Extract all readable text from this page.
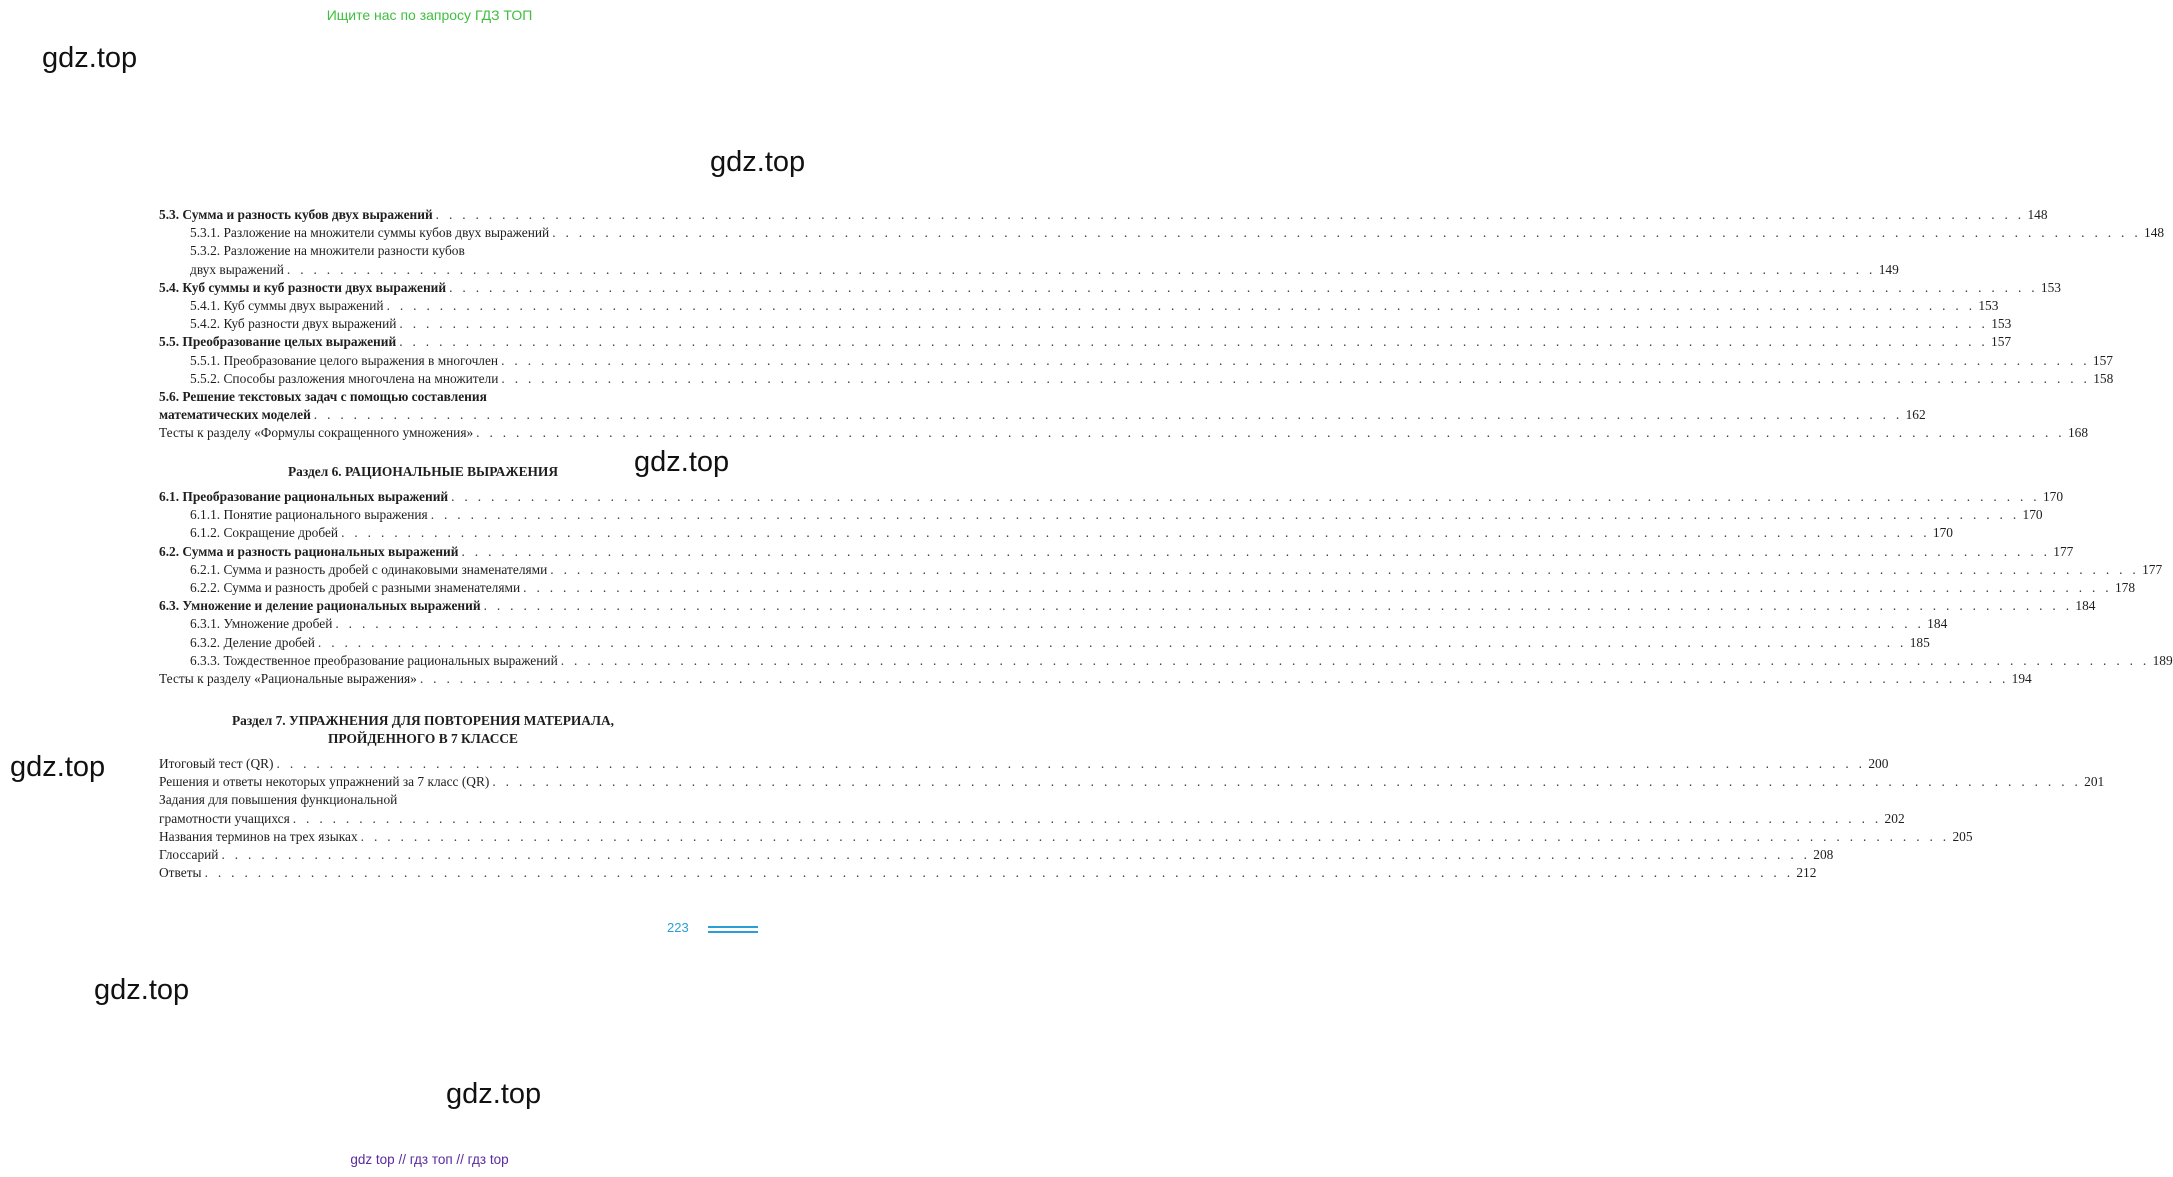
Ищите нас по запросу ГДЗ ТОП
gdz.top
gdz.top
gdz.top
gdz.top
gdz.top
gdz.top
5.3. Сумма и разность кубов двух выражений . . . . . . . . . . . . . . . . . . . . . . . . . . . . . . . . . . . . . . . . . . . . . . . . . . . . . . . . . . . . . . . . . . . . . . . . . . . . . . . . . . . . . . . . . . . . . . . . . . . . . . . . . . . . . . . . . . . . . . . . 148
5.3.1. Разложение на множители суммы кубов двух выражений . . . . . . . . . . . . . . . . . . . . . . . . . . . . . . . . . . . . . . . . . . . . . . . . . . . . . . . . . . . . . . . . . . . . . . . . . . . . . . . . . . . . . . . . . . . . . . . . . . . . . . . . . . . . . . . . . . . . . . . . 148
5.3.2. Разложение на множители разности кубов
двух выражений . . . . . . . . . . . . . . . . . . . . . . . . . . . . . . . . . . . . . . . . . . . . . . . . . . . . . . . . . . . . . . . . . . . . . . . . . . . . . . . . . . . . . . . . . . . . . . . . . . . . . . . . . . . . . . . . . . . . . . . . 149
5.4. Куб суммы и куб разности двух выражений . . . . . . . . . . . . . . . . . . . . . . . . . . . . . . . . . . . . . . . . . . . . . . . . . . . . . . . . . . . . . . . . . . . . . . . . . . . . . . . . . . . . . . . . . . . . . . . . . . . . . . . . . . . . . . . . . . . . . . . . 153
5.4.1. Куб суммы двух выражений . . . . . . . . . . . . . . . . . . . . . . . . . . . . . . . . . . . . . . . . . . . . . . . . . . . . . . . . . . . . . . . . . . . . . . . . . . . . . . . . . . . . . . . . . . . . . . . . . . . . . . . . . . . . . . . . . . . . . . . . 153
5.4.2. Куб разности двух выражений . . . . . . . . . . . . . . . . . . . . . . . . . . . . . . . . . . . . . . . . . . . . . . . . . . . . . . . . . . . . . . . . . . . . . . . . . . . . . . . . . . . . . . . . . . . . . . . . . . . . . . . . . . . . . . . . . . . . . . . . 153
5.5. Преобразование целых выражений . . . . . . . . . . . . . . . . . . . . . . . . . . . . . . . . . . . . . . . . . . . . . . . . . . . . . . . . . . . . . . . . . . . . . . . . . . . . . . . . . . . . . . . . . . . . . . . . . . . . . . . . . . . . . . . . . . . . . . . . 157
5.5.1. Преобразование целого выражения в многочлен . . . . . . . . . . . . . . . . . . . . . . . . . . . . . . . . . . . . . . . . . . . . . . . . . . . . . . . . . . . . . . . . . . . . . . . . . . . . . . . . . . . . . . . . . . . . . . . . . . . . . . . . . . . . . . . . . . . . . . . . 157
5.5.2. Способы разложения многочлена на множители . . . . . . . . . . . . . . . . . . . . . . . . . . . . . . . . . . . . . . . . . . . . . . . . . . . . . . . . . . . . . . . . . . . . . . . . . . . . . . . . . . . . . . . . . . . . . . . . . . . . . . . . . . . . . . . . . . . . . . . . 158
5.6. Решение текстовых задач с помощью составления
математических моделей . . . . . . . . . . . . . . . . . . . . . . . . . . . . . . . . . . . . . . . . . . . . . . . . . . . . . . . . . . . . . . . . . . . . . . . . . . . . . . . . . . . . . . . . . . . . . . . . . . . . . . . . . . . . . . . . . . . . . . . . 162
Тесты к разделу «Формулы сокращенного умножения» . . . . . . . . . . . . . . . . . . . . . . . . . . . . . . . . . . . . . . . . . . . . . . . . . . . . . . . . . . . . . . . . . . . . . . . . . . . . . . . . . . . . . . . . . . . . . . . . . . . . . . . . . . . . . . . . . . . . . . . . 168
Раздел 6. РАЦИОНАЛЬНЫЕ ВЫРАЖЕНИЯ
6.1. Преобразование рациональных выражений . . . . . . . . . . . . . . . . . . . . . . . . . . . . . . . . . . . . . . . . . . . . . . . . . . . . . . . . . . . . . . . . . . . . . . . . . . . . . . . . . . . . . . . . . . . . . . . . . . . . . . . . . . . . . . . . . . . . . . . . 170
6.1.1. Понятие рационального выражения . . . . . . . . . . . . . . . . . . . . . . . . . . . . . . . . . . . . . . . . . . . . . . . . . . . . . . . . . . . . . . . . . . . . . . . . . . . . . . . . . . . . . . . . . . . . . . . . . . . . . . . . . . . . . . . . . . . . . . . . 170
6.1.2. Сокращение дробей . . . . . . . . . . . . . . . . . . . . . . . . . . . . . . . . . . . . . . . . . . . . . . . . . . . . . . . . . . . . . . . . . . . . . . . . . . . . . . . . . . . . . . . . . . . . . . . . . . . . . . . . . . . . . . . . . . . . . . . . 170
6.2. Сумма и разность рациональных выражений . . . . . . . . . . . . . . . . . . . . . . . . . . . . . . . . . . . . . . . . . . . . . . . . . . . . . . . . . . . . . . . . . . . . . . . . . . . . . . . . . . . . . . . . . . . . . . . . . . . . . . . . . . . . . . . . . . . . . . . . 177
6.2.1. Сумма и разность дробей с одинаковыми знаменателями . . . . . . . . . . . . . . . . . . . . . . . . . . . . . . . . . . . . . . . . . . . . . . . . . . . . . . . . . . . . . . . . . . . . . . . . . . . . . . . . . . . . . . . . . . . . . . . . . . . . . . . . . . . . . . . . . . . . . . . . 177
6.2.2. Сумма и разность дробей с разными знаменателями . . . . . . . . . . . . . . . . . . . . . . . . . . . . . . . . . . . . . . . . . . . . . . . . . . . . . . . . . . . . . . . . . . . . . . . . . . . . . . . . . . . . . . . . . . . . . . . . . . . . . . . . . . . . . . . . . . . . . . . . 178
6.3. Умножение и деление рациональных выражений . . . . . . . . . . . . . . . . . . . . . . . . . . . . . . . . . . . . . . . . . . . . . . . . . . . . . . . . . . . . . . . . . . . . . . . . . . . . . . . . . . . . . . . . . . . . . . . . . . . . . . . . . . . . . . . . . . . . . . . . 184
6.3.1. Умножение дробей . . . . . . . . . . . . . . . . . . . . . . . . . . . . . . . . . . . . . . . . . . . . . . . . . . . . . . . . . . . . . . . . . . . . . . . . . . . . . . . . . . . . . . . . . . . . . . . . . . . . . . . . . . . . . . . . . . . . . . . . 184
6.3.2. Деление дробей . . . . . . . . . . . . . . . . . . . . . . . . . . . . . . . . . . . . . . . . . . . . . . . . . . . . . . . . . . . . . . . . . . . . . . . . . . . . . . . . . . . . . . . . . . . . . . . . . . . . . . . . . . . . . . . . . . . . . . . . 185
6.3.3. Тождественное преобразование рациональных выражений . . . . . . . . . . . . . . . . . . . . . . . . . . . . . . . . . . . . . . . . . . . . . . . . . . . . . . . . . . . . . . . . . . . . . . . . . . . . . . . . . . . . . . . . . . . . . . . . . . . . . . . . . . . . . . . . . . . . . . . . 189
Тесты к разделу «Рациональные выражения» . . . . . . . . . . . . . . . . . . . . . . . . . . . . . . . . . . . . . . . . . . . . . . . . . . . . . . . . . . . . . . . . . . . . . . . . . . . . . . . . . . . . . . . . . . . . . . . . . . . . . . . . . . . . . . . . . . . . . . . . 194
Раздел 7. УПРАЖНЕНИЯ ДЛЯ ПОВТОРЕНИЯ МАТЕРИАЛА,
ПРОЙДЕННОГО В 7 КЛАССЕ
Итоговый тест (QR) . . . . . . . . . . . . . . . . . . . . . . . . . . . . . . . . . . . . . . . . . . . . . . . . . . . . . . . . . . . . . . . . . . . . . . . . . . . . . . . . . . . . . . . . . . . . . . . . . . . . . . . . . . . . . . . . . . . . . . . . 200
Решения и ответы некоторых упражнений за 7 класс (QR) . . . . . . . . . . . . . . . . . . . . . . . . . . . . . . . . . . . . . . . . . . . . . . . . . . . . . . . . . . . . . . . . . . . . . . . . . . . . . . . . . . . . . . . . . . . . . . . . . . . . . . . . . . . . . . . . . . . . . . . . 201
Задания для повышения функциональной
грамотности учащихся . . . . . . . . . . . . . . . . . . . . . . . . . . . . . . . . . . . . . . . . . . . . . . . . . . . . . . . . . . . . . . . . . . . . . . . . . . . . . . . . . . . . . . . . . . . . . . . . . . . . . . . . . . . . . . . . . . . . . . . . 202
Названия терминов на трех языках . . . . . . . . . . . . . . . . . . . . . . . . . . . . . . . . . . . . . . . . . . . . . . . . . . . . . . . . . . . . . . . . . . . . . . . . . . . . . . . . . . . . . . . . . . . . . . . . . . . . . . . . . . . . . . . . . . . . . . . . 205
Глоссарий . . . . . . . . . . . . . . . . . . . . . . . . . . . . . . . . . . . . . . . . . . . . . . . . . . . . . . . . . . . . . . . . . . . . . . . . . . . . . . . . . . . . . . . . . . . . . . . . . . . . . . . . . . . . . . . . . . . . . . . . 208
Ответы . . . . . . . . . . . . . . . . . . . . . . . . . . . . . . . . . . . . . . . . . . . . . . . . . . . . . . . . . . . . . . . . . . . . . . . . . . . . . . . . . . . . . . . . . . . . . . . . . . . . . . . . . . . . . . . . . . . . . . . . 212
223
gdz top // гдз топ // гдз top
